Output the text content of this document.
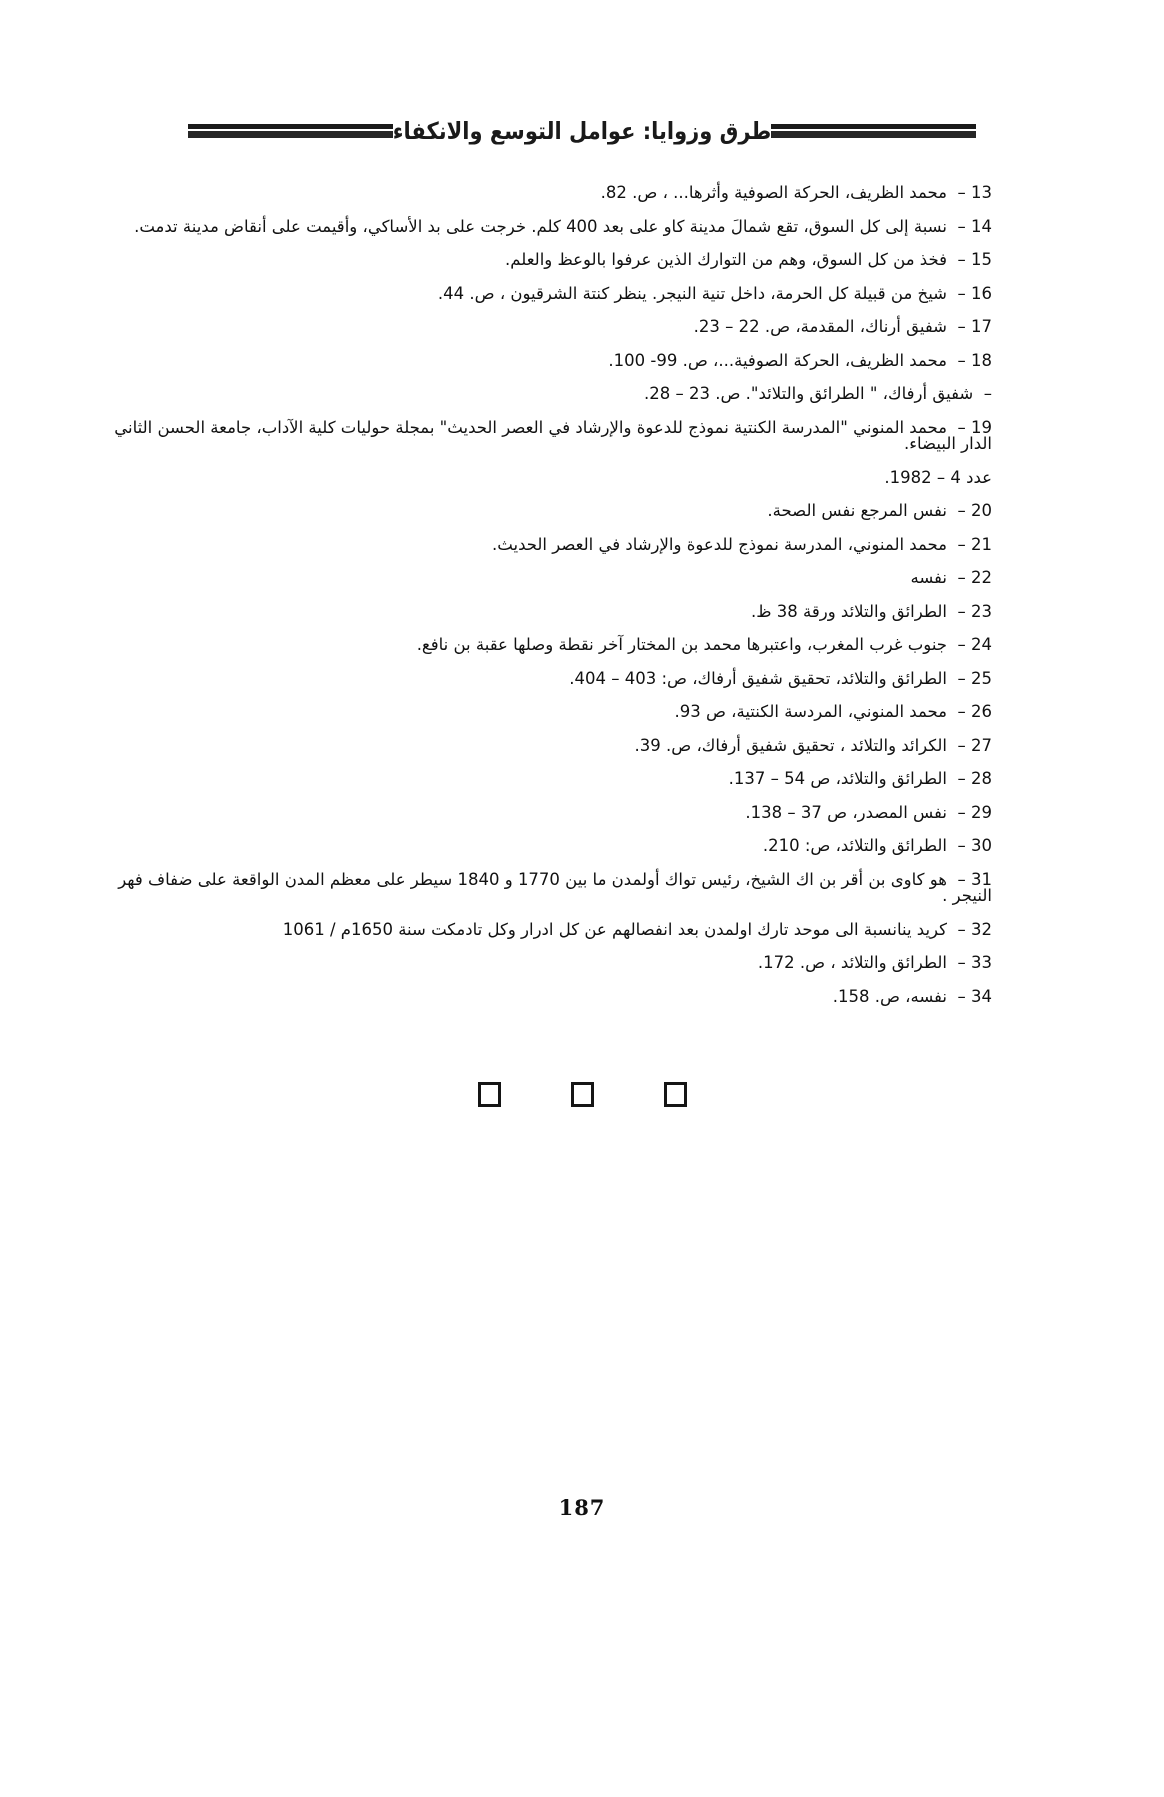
طرق وزوايا: عوامل التوسع والانكفاء
13 –  محمد الظريف، الحركة الصوفية وأثرها... ، ص. 82.
14 –  نسبة إلى كل السوق، تقع شمالَ مدينة كاو على بعد 400 كلم. خرجت على بد الأساكي، وأقيمت على أنقاض مدينة تدمت.
15 –  فخذ من كل السوق، وهم من التوارك الذين عرفوا بالوعظ والعلم.
16 –  شيخ من قبيلة كل الحرمة، داخل تنية النيجر. ينظر كنتة الشرقيون ، ص. 44.
17 –  شفيق أرناك، المقدمة، ص. 22 – 23.
18 –  محمد الظريف، الحركة الصوفية...، ص. 99- 100.
–  شفيق أرفاك، " الطرائق والتلائد". ص. 23 – 28.
19 –  محمد المنوني "المدرسة الكنتية نموذج للدعوة والإرشاد في العصر الحديث" بمجلة حوليات كلية الآداب، جامعة الحسن الثاني الدار البيضاء.
عدد 4 – 1982.
20 –  نفس المرجع نفس الصحة.
21 –  محمد المنوني، المدرسة نموذج للدعوة والإرشاد في العصر الحديث.
22 –  نفسه
23 –  الطرائق والتلائد ورقة 38 ظ.
24 –  جنوب غرب المغرب، واعتبرها محمد بن المختار آخر نقطة وصلها عقبة بن نافع.
25 –  الطرائق والتلائد، تحقيق شفيق أرفاك، ص: 403 – 404.
26 –  محمد المنوني، المردسة الكنتية، ص 93.
27 –  الكرائد والتلائد ، تحقيق شفيق أرفاك، ص. 39.
28 –  الطرائق والتلائد، ص 54 – 137.
29 –  نفس المصدر، ص 37 – 138.
30 –  الطرائق والتلائد، ص: 210.
31 –  هو كاوى بن أقر بن اك الشيخ، رئيس تواك أولمدن ما بين 1770 و 1840 سيطر على معظم المدن الواقعة على ضفاف فهر النيجر .
32 –  كريد ينانسبة الى موحد تارك اولمدن بعد انفصالهم عن كل ادرار وكل تادمكت سنة 1650م / 1061
33 –  الطرائق والتلائد ، ص. 172.
34 –  نفسه، ص. 158.
187
